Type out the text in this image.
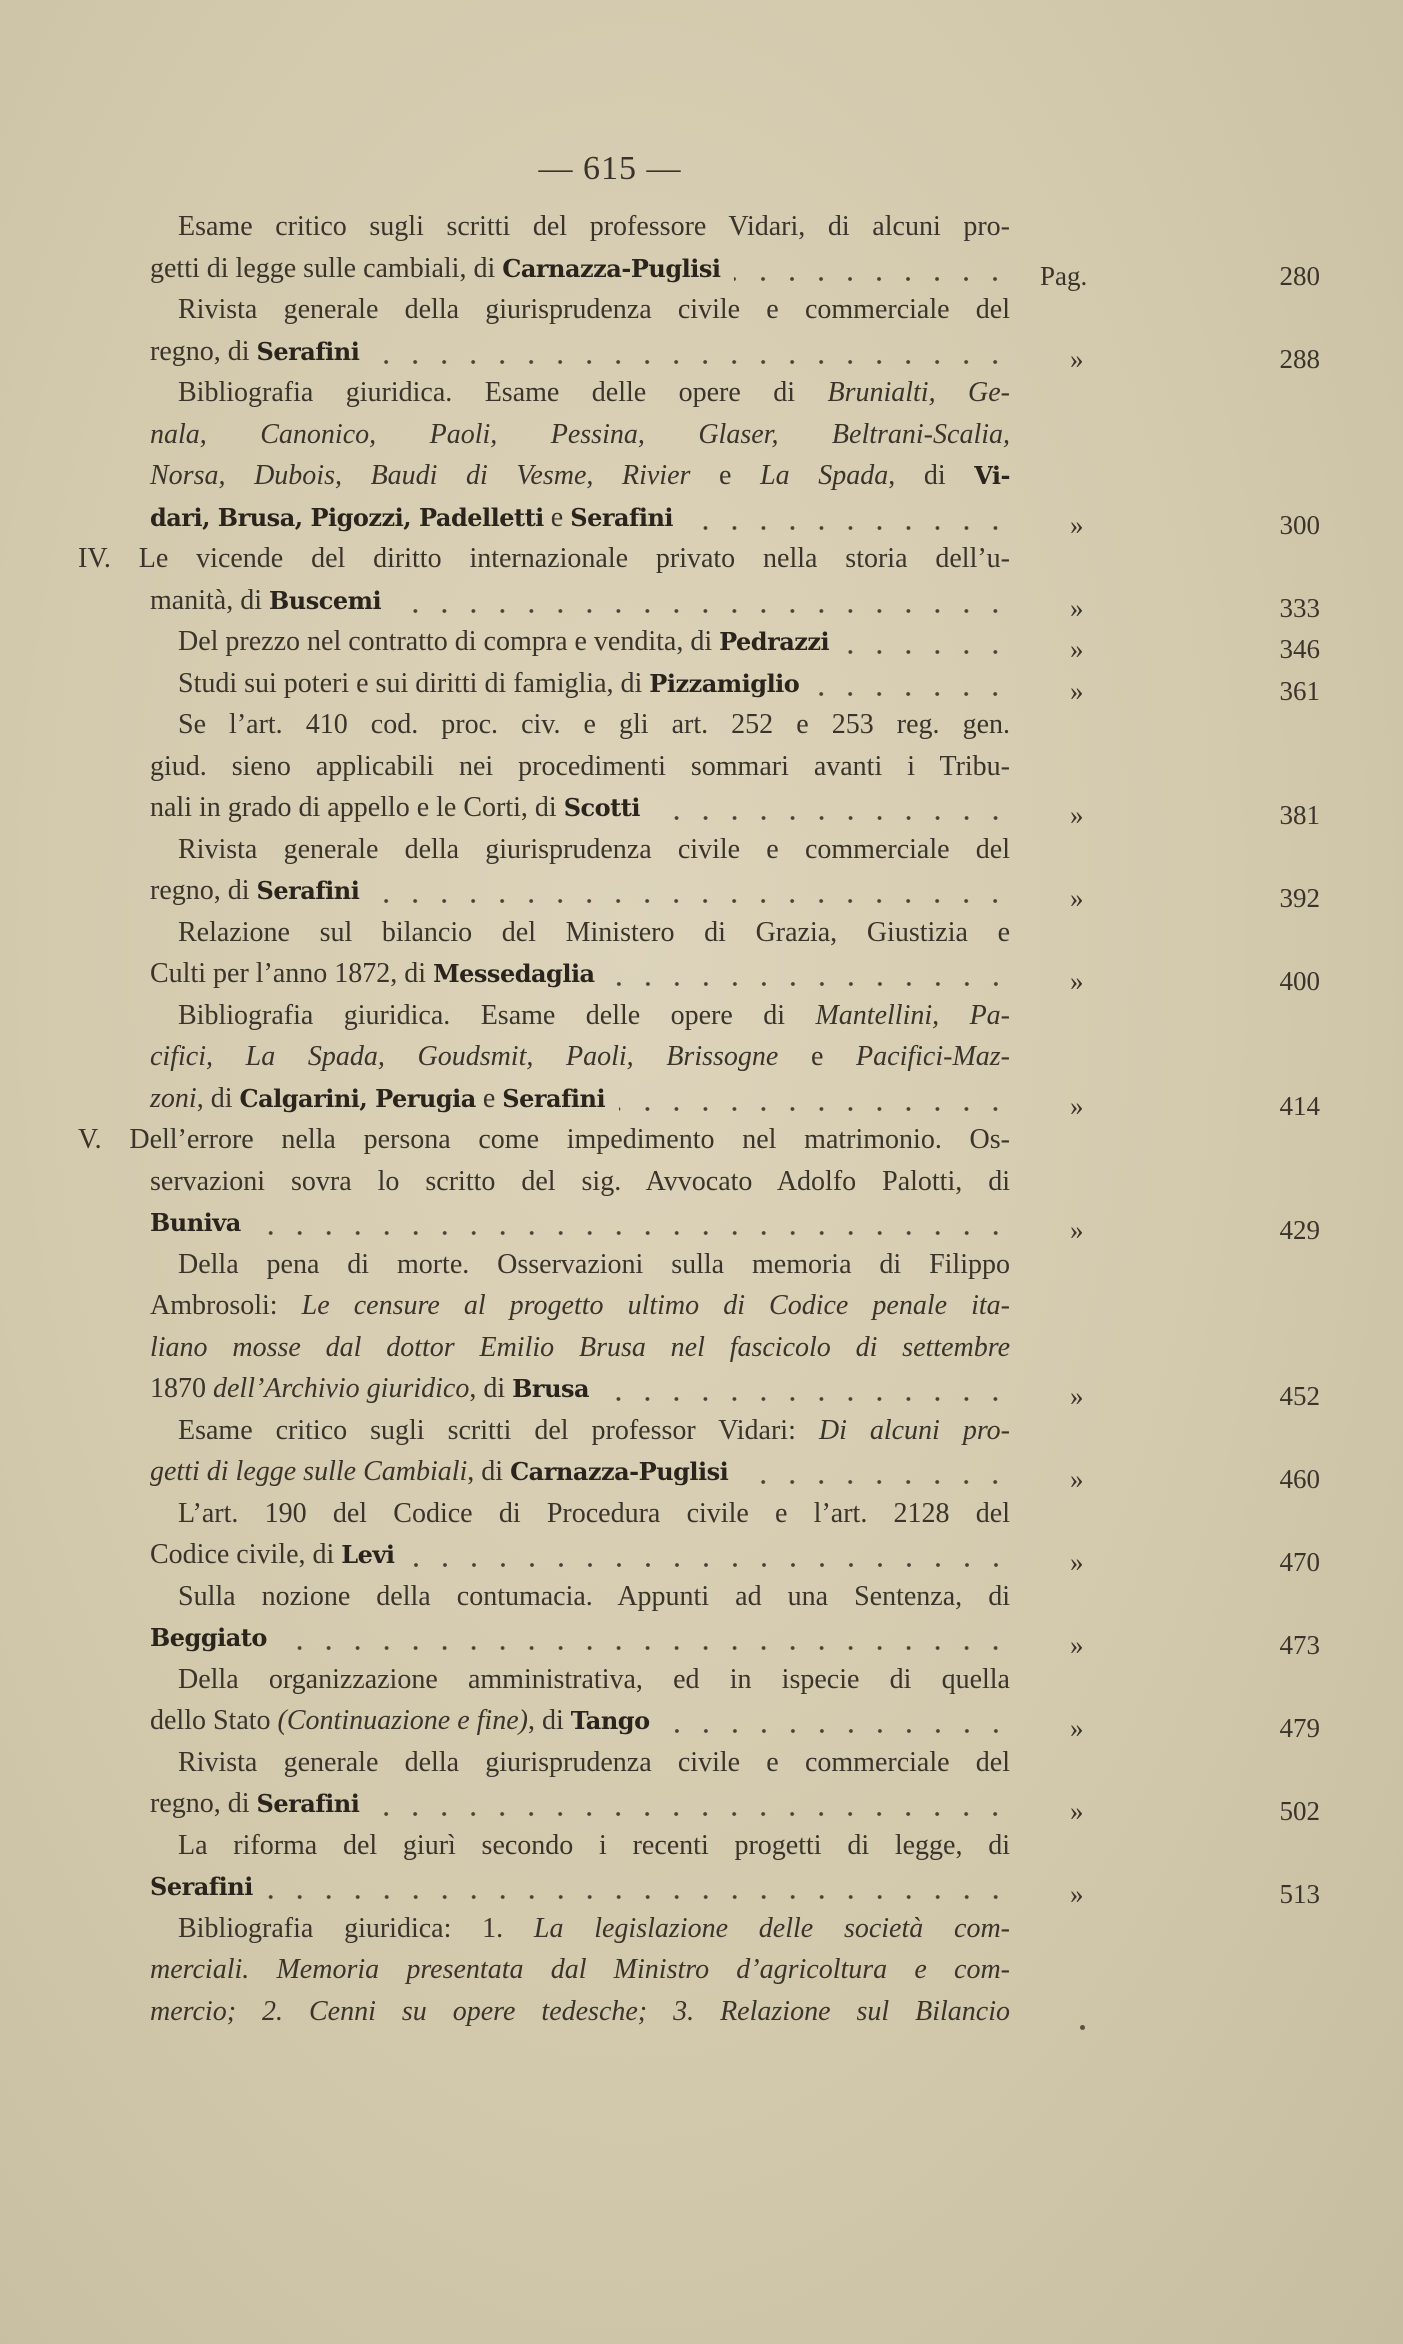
— 615 —
Esame critico sugli scritti del professore Vidari, di alcuni pro-
getti di legge sulle cambiali, di Carnazza-Puglisi	Pag.	280
Rivista generale della giurisprudenza civile e commerciale del
regno, di Serafini	»	288
Bibliografia giuridica. Esame delle opere di Brunialti, Ge-
nala, Canonico, Paoli, Pessina, Glaser, Beltrani-Scalia,
Norsa, Dubois, Baudi di Vesme, Rivier e La Spada, di Vi-
dari, Brusa, Pigozzi, Padelletti e Serafini	»	300
IV. Le vicende del diritto internazionale privato nella storia dell’u-
manità, di Buscemi	»	333
Del prezzo nel contratto di compra e vendita, di Pedrazzi	»	346
Studi sui poteri e sui diritti di famiglia, di Pizzamiglio	»	361
Se l’art. 410 cod. proc. civ. e gli art. 252 e 253 reg. gen.
giud. sieno applicabili nei procedimenti sommari avanti i Tribu-
nali in grado di appello e le Corti, di Scotti	»	381
Rivista generale della giurisprudenza civile e commerciale del
regno, di Serafini	»	392
Relazione sul bilancio del Ministero di Grazia, Giustizia e
Culti per l’anno 1872, di Messedaglia	»	400
Bibliografia giuridica. Esame delle opere di Mantellini, Pa-
cifici, La Spada, Goudsmit, Paoli, Brissogne e Pacifici-Maz-
zoni, di Calgarini, Perugia e Serafini	»	414
V. Dell’errore nella persona come impedimento nel matrimonio. Os-
servazioni sovra lo scritto del sig. Avvocato Adolfo Palotti, di
Buniva	»	429
Della pena di morte. Osservazioni sulla memoria di Filippo
Ambrosoli: Le censure al progetto ultimo di Codice penale ita-
liano mosse dal dottor Emilio Brusa nel fascicolo di settembre
1870 dell’Archivio giuridico, di Brusa	»	452
Esame critico sugli scritti del professor Vidari: Di alcuni pro-
getti di legge sulle Cambiali, di Carnazza-Puglisi	»	460
L’art. 190 del Codice di Procedura civile e l’art. 2128 del
Codice civile, di Levi	»	470
Sulla nozione della contumacia. Appunti ad una Sentenza, di
Beggiato	»	473
Della organizzazione amministrativa, ed in ispecie di quella
dello Stato (Continuazione e fine), di Tango	»	479
Rivista generale della giurisprudenza civile e commerciale del
regno, di Serafini	»	502
La riforma del giurì secondo i recenti progetti di legge, di
Serafini	»	513
Bibliografia giuridica: 1. La legislazione delle società com-
merciali. Memoria presentata dal Ministro d’agricoltura e com-
mercio; 2. Cenni su opere tedesche; 3. Relazione sul Bilancio
